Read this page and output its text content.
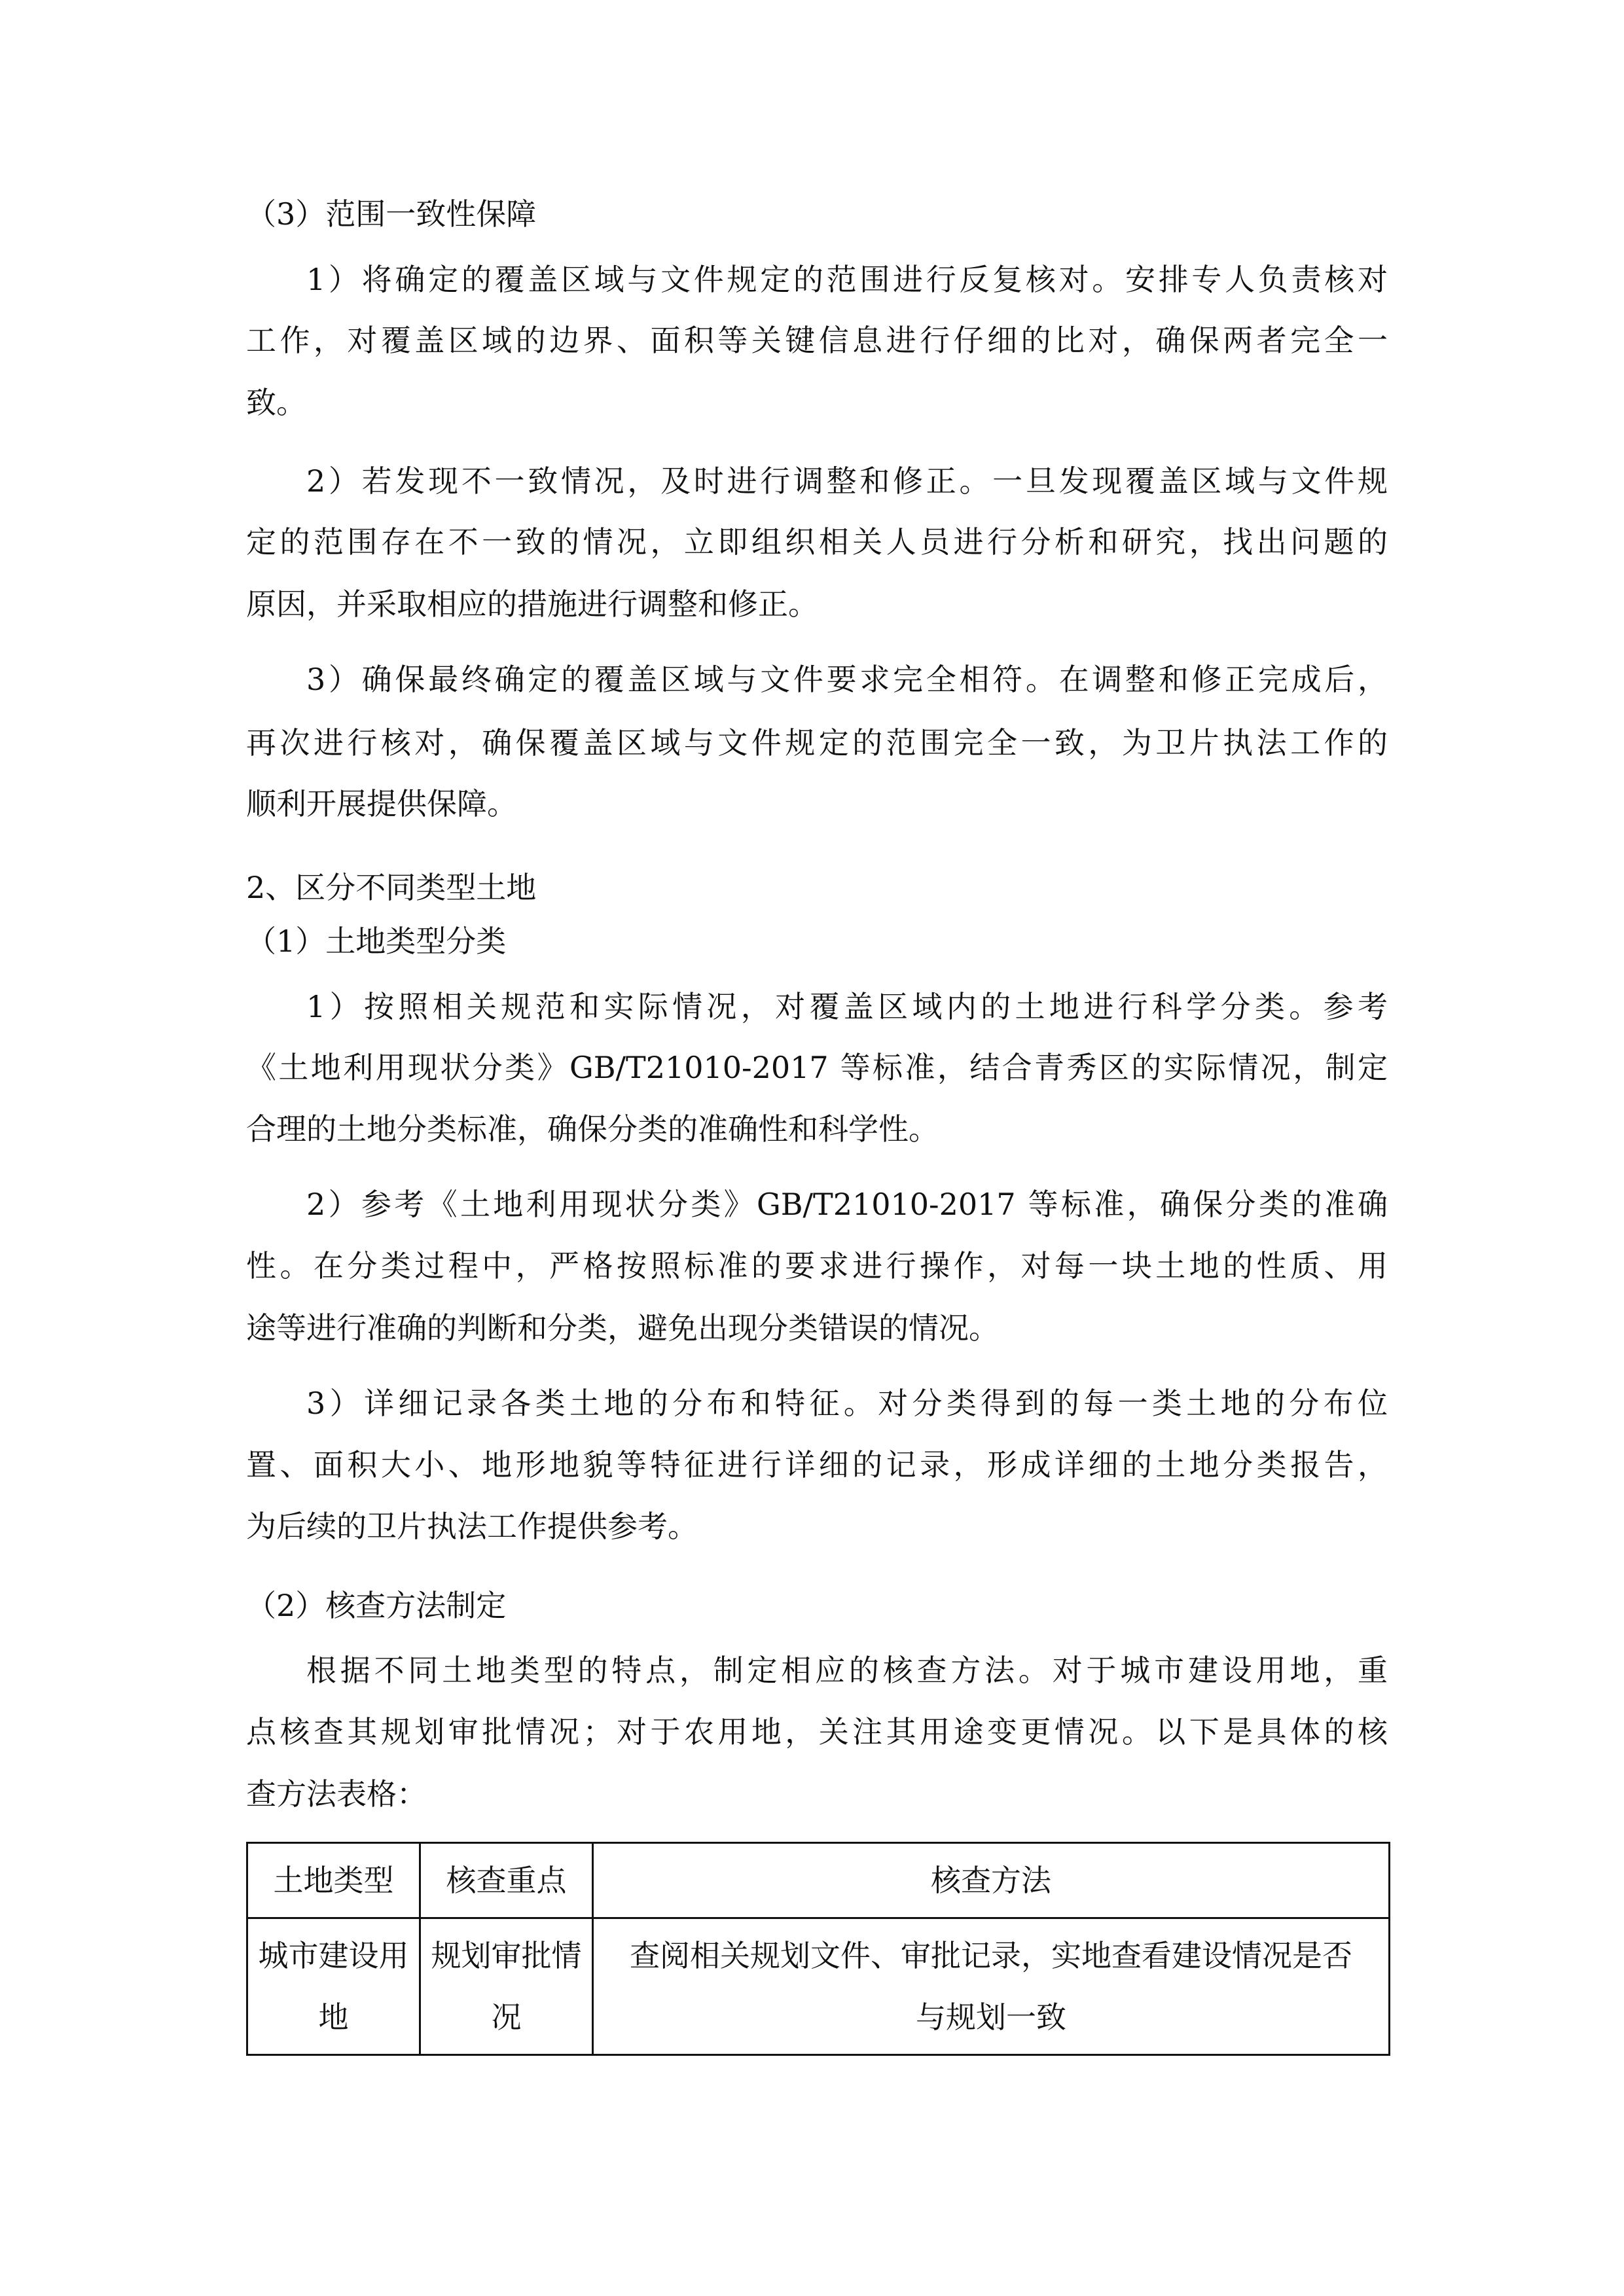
（3）范围一致性保障
1）将确定的覆盖区域与文件规定的范围进行反复核对。安排专人负责核对
工作，对覆盖区域的边界、面积等关键信息进行仔细的比对，确保两者完全一
致。
2）若发现不一致情况，及时进行调整和修正。一旦发现覆盖区域与文件规
定的范围存在不一致的情况，立即组织相关人员进行分析和研究，找出问题的
原因，并采取相应的措施进行调整和修正。
3）确保最终确定的覆盖区域与文件要求完全相符。在调整和修正完成后，
再次进行核对，确保覆盖区域与文件规定的范围完全一致，为卫片执法工作的
顺利开展提供保障。
2、区分不同类型土地
（1）土地类型分类
1）按照相关规范和实际情况，对覆盖区域内的土地进行科学分类。参考
《土地利用现状分类》GB/T21010-2017 等标准，结合青秀区的实际情况，制定
合理的土地分类标准，确保分类的准确性和科学性。
2）参考《土地利用现状分类》GB/T21010-2017 等标准，确保分类的准确
性。在分类过程中，严格按照标准的要求进行操作，对每一块土地的性质、用
途等进行准确的判断和分类，避免出现分类错误的情况。
3）详细记录各类土地的分布和特征。对分类得到的每一类土地的分布位
置、面积大小、地形地貌等特征进行详细的记录，形成详细的土地分类报告，
为后续的卫片执法工作提供参考。
（2）核查方法制定
根据不同土地类型的特点，制定相应的核查方法。对于城市建设用地，重
点核查其规划审批情况；对于农用地，关注其用途变更情况。以下是具体的核
查方法表格：
土地类型	核查重点	核查方法

城市建设用
地	规划审批情
况	查阅相关规划文件、审批记录，实地查看建设情况是否
与规划一致
